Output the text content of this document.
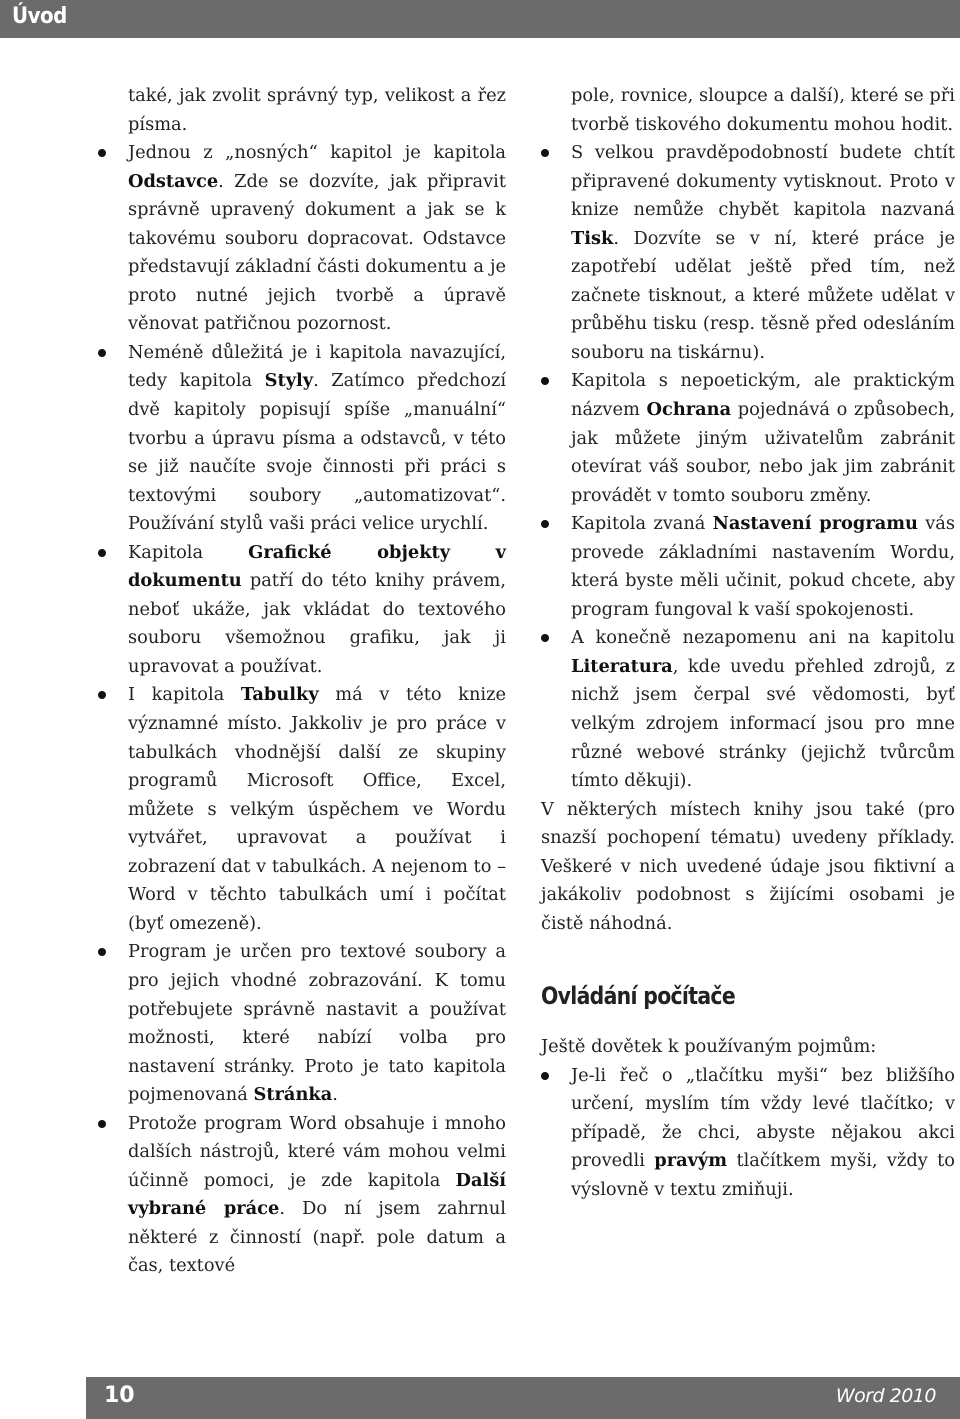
Úvod

také, jak zvolit správný typ, velikost a řez písma.

Jednou z „nosných“ kapitol je kapitola Odstavce. Zde se dozvíte, jak připravit správně upravený dokument a jak se k takovému souboru dopracovat. Odstavce představují základní části dokumentu a je proto nutné jejich tvorbě a úpravě věnovat patřičnou pozornost.
Neméně důležitá je i kapitola navazující, tedy kapitola Styly. Zatímco předchozí dvě kapitoly popisují spíše „manuální“ tvorbu a úpravu písma a odstavců, v této se již naučíte svoje činnosti při práci s textovými soubory „automatizovat“. Používání stylů vaši práci velice urychlí.
Kapitola Grafické objekty v dokumentu patří do této knihy právem, neboť ukáže, jak vkládat do textového souboru všemožnou grafiku, jak ji upravovat a používat.
I kapitola Tabulky má v této knize významné místo. Jakkoliv je pro práce v tabulkách vhodnější další ze skupiny programů Microsoft Office, Excel, můžete s velkým úspěchem ve Wordu vytvářet, upravovat a používat i zobrazení dat v tabulkách. A nejenom to – Word v těchto tabulkách umí i počítat (byť omezeně).
Program je určen pro textové soubory a pro jejich vhodné zobrazování. K tomu potřebujete správně nastavit a používat možnosti, které nabízí volba pro nastavení stránky. Proto je tato kapitola pojmenovaná Stránka.
Protože program Word obsahuje i mnoho dalších nástrojů, které vám mohou velmi účinně pomoci, je zde kapitola Další vybrané práce. Do ní jsem zahrnul některé z činností (např. pole datum a čas, textové

pole, rovnice, sloupce a další), které se při tvorbě tiskového dokumentu mohou hodit.

S velkou pravděpodobností budete chtít připravené dokumenty vytisknout. Proto v knize nemůže chybět kapitola nazvaná Tisk. Dozvíte se v ní, které práce je zapotřebí udělat ještě před tím, než začnete tisknout, a které můžete udělat v průběhu tisku (resp. těsně před odesláním souboru na tiskárnu).
Kapitola s nepoetickým, ale praktickým názvem Ochrana pojednává o způsobech, jak můžete jiným uživatelům zabránit otevírat váš soubor, nebo jak jim zabránit provádět v tomto souboru změny.
Kapitola zvaná Nastavení programu vás provede základními nastavením Wordu, která byste měli učinit, pokud chcete, aby program fungoval k vaší spokojenosti.
A konečně nezapomenu ani na kapitolu Literatura, kde uvedu přehled zdrojů, z nichž jsem čerpal své vědomosti, byť velkým zdrojem informací jsou pro mne různé webové stránky (jejichž tvůrcům tímto děkuji).

V některých místech knihy jsou také (pro snazší pochopení tématu) uvedeny příklady. Veškeré v nich uvedené údaje jsou fiktivní a jakákoliv podobnost s žijícími osobami je čistě náhodná.

Ovládání počítače

Ještě dovětek k používaným pojmům:

Je-li řeč o „tlačítku myši“ bez bližšího určení, myslím tím vždy levé tlačítko; v případě, že chci, abyste nějakou akci provedli pravým tlačítkem myši, vždy to výslovně v textu zmiňuji.
10	Word 2010
